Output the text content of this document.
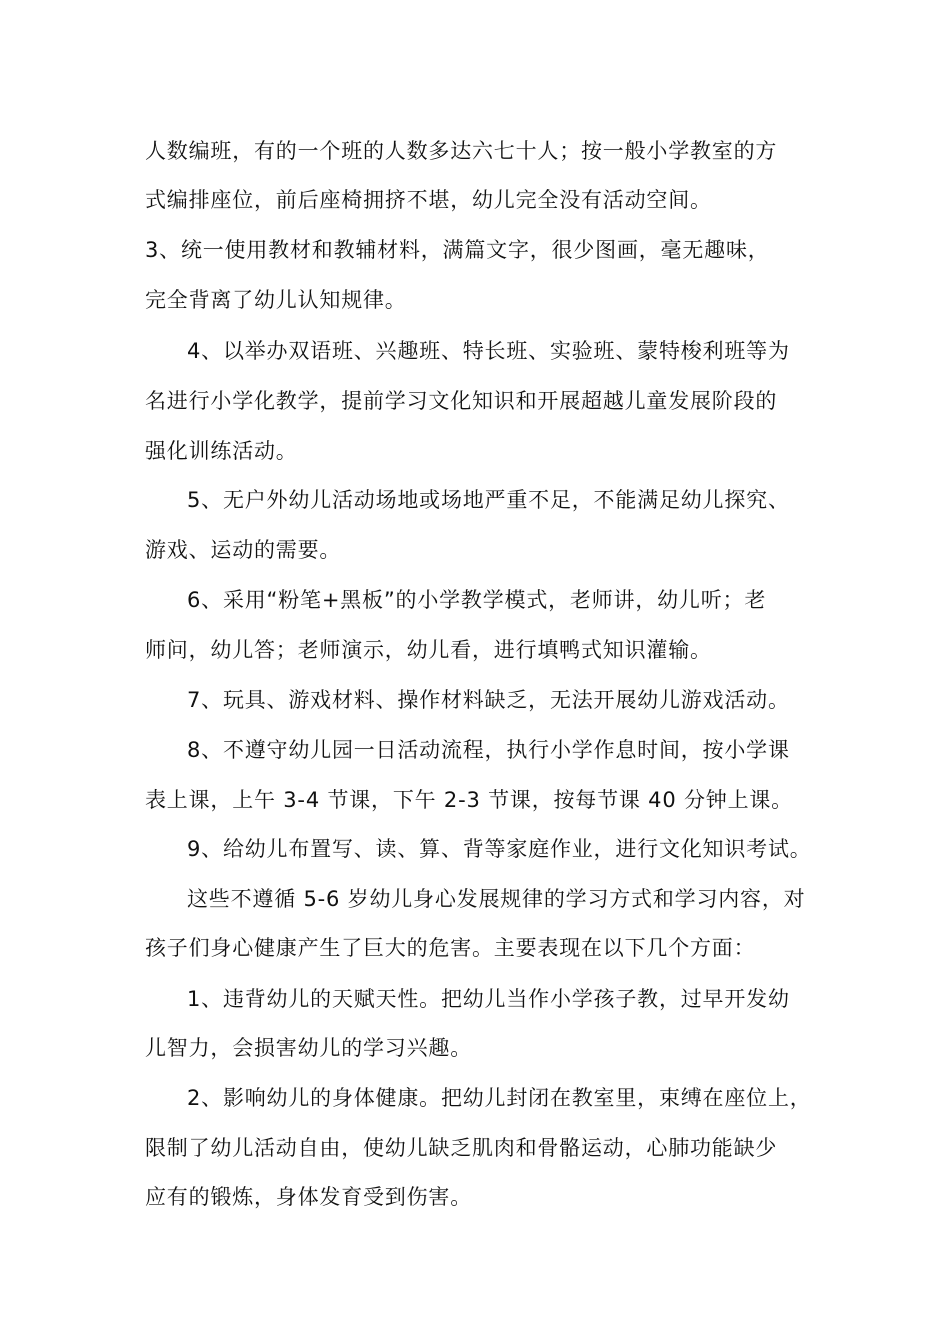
人数编班，有的一个班的人数多达六七十人；按一般小学教室的方
式编排座位，前后座椅拥挤不堪，幼儿完全没有活动空间。
3、统一使用教材和教辅材料，满篇文字，很少图画，毫无趣味，
完全背离了幼儿认知规律。
4、以举办双语班、兴趣班、特长班、实验班、蒙特梭利班等为
名进行小学化教学，提前学习文化知识和开展超越儿童发展阶段的
强化训练活动。
5、无户外幼儿活动场地或场地严重不足，不能满足幼儿探究、
游戏、运动的需要。
6、采用“粉笔+黑板”的小学教学模式，老师讲，幼儿听；老
师问，幼儿答；老师演示，幼儿看，进行填鸭式知识灌输。
7、玩具、游戏材料、操作材料缺乏，无法开展幼儿游戏活动。
8、不遵守幼儿园一日活动流程，执行小学作息时间，按小学课
表上课，上午 3-4 节课，下午 2-3 节课，按每节课 40 分钟上课。
9、给幼儿布置写、读、算、背等家庭作业，进行文化知识考试。
这些不遵循 5-6 岁幼儿身心发展规律的学习方式和学习内容，对
孩子们身心健康产生了巨大的危害。主要表现在以下几个方面：
1、违背幼儿的天赋天性。把幼儿当作小学孩子教，过早开发幼
儿智力，会损害幼儿的学习兴趣。
2、影响幼儿的身体健康。把幼儿封闭在教室里，束缚在座位上，
限制了幼儿活动自由，使幼儿缺乏肌肉和骨骼运动，心肺功能缺少
应有的锻炼，身体发育受到伤害。
